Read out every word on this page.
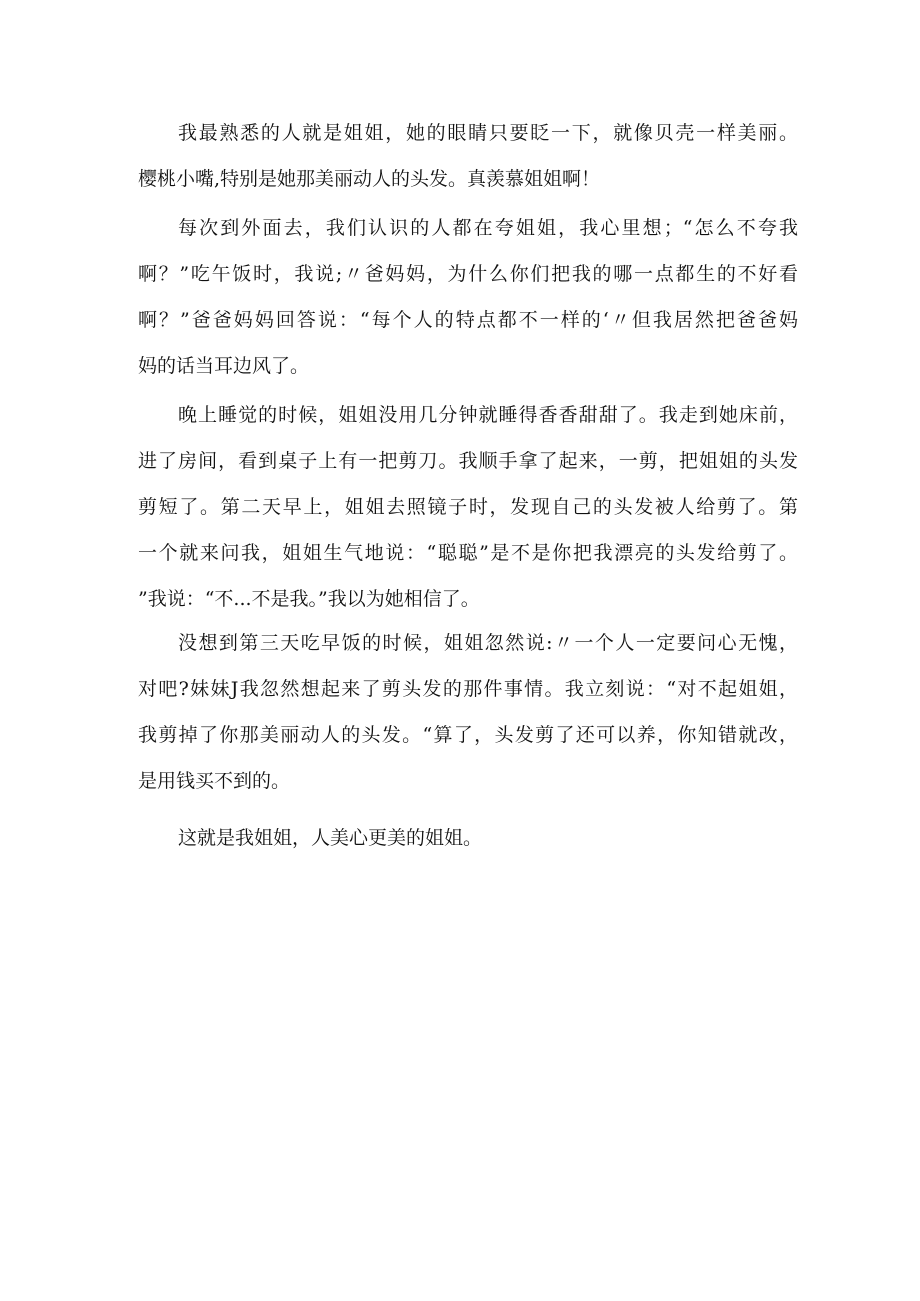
我最熟悉的人就是姐姐，她的眼睛只要眨一下，就像贝壳一样美丽。
樱桃小嘴,特别是她那美丽动人的头发。真羡慕姐姐啊！
每次到外面去，我们认识的人都在夸姐姐，我心里想；“怎么不夸我
啊？”吃午饭时，我说;〃爸妈妈，为什么你们把我的哪一点都生的不好看
啊？”爸爸妈妈回答说：“每个人的特点都不一样的‘〃但我居然把爸爸妈
妈的话当耳边风了。
晚上睡觉的时候，姐姐没用几分钟就睡得香香甜甜了。我走到她床前，
进了房间，看到桌子上有一把剪刀。我顺手拿了起来，一剪，把姐姐的头发
剪短了。第二天早上，姐姐去照镜子时，发现自己的头发被人给剪了。第
一个就来问我，姐姐生气地说：“聪聪”是不是你把我漂亮的头发给剪了。
”我说：“不...不是我。”我以为她相信了。
没想到第三天吃早饭的时候，姐姐忽然说:〃一个人一定要问心无愧，
对吧?妹妹J我忽然想起来了剪头发的那件事情。我立刻说：“对不起姐姐，
我剪掉了你那美丽动人的头发。“算了，头发剪了还可以养，你知错就改，
是用钱买不到的。
这就是我姐姐，人美心更美的姐姐。
